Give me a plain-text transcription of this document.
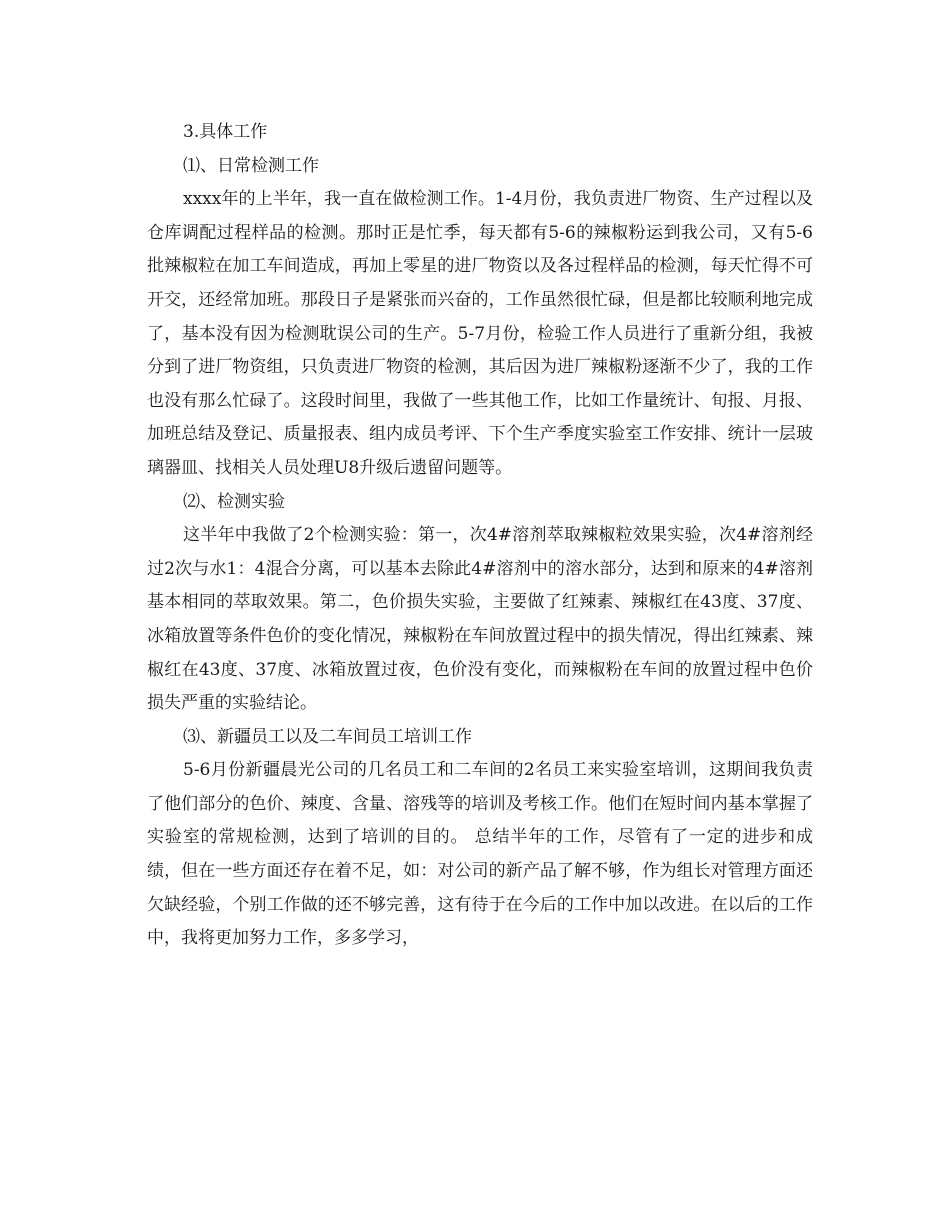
3.具体工作

⑴、日常检测工作

xxxx年的上半年，我一直在做检测工作。1-4月份，我负责进厂物资、生产过程以及仓库调配过程样品的检测。那时正是忙季，每天都有5-6的辣椒粉运到我公司，又有5-6批辣椒粒在加工车间造成，再加上零星的进厂物资以及各过程样品的检测，每天忙得不可开交，还经常加班。那段日子是紧张而兴奋的，工作虽然很忙碌，但是都比较顺利地完成了，基本没有因为检测耽误公司的生产。5-7月份，检验工作人员进行了重新分组，我被分到了进厂物资组，只负责进厂物资的检测，其后因为进厂辣椒粉逐渐不少了，我的工作也没有那么忙碌了。这段时间里，我做了一些其他工作，比如工作量统计、旬报、月报、加班总结及登记、质量报表、组内成员考评、下个生产季度实验室工作安排、统计一层玻璃器皿、找相关人员处理U8升级后遗留问题等。

⑵、检测实验

这半年中我做了2个检测实验：第一，次4#溶剂萃取辣椒粒效果实验，次4#溶剂经过2次与水1：4混合分离，可以基本去除此4#溶剂中的溶水部分，达到和原来的4#溶剂基本相同的萃取效果。第二，色价损失实验，主要做了红辣素、辣椒红在43度、37度、冰箱放置等条件色价的变化情况，辣椒粉在车间放置过程中的损失情况，得出红辣素、辣椒红在43度、37度、冰箱放置过夜，色价没有变化，而辣椒粉在车间的放置过程中色价损失严重的实验结论。

⑶、新疆员工以及二车间员工培训工作

5-6月份新疆晨光公司的几名员工和二车间的2名员工来实验室培训，这期间我负责了他们部分的色价、辣度、含量、溶残等的培训及考核工作。他们在短时间内基本掌握了实验室的常规检测，达到了培训的目的。 总结半年的工作，尽管有了一定的进步和成绩，但在一些方面还存在着不足，如：对公司的新产品了解不够，作为组长对管理方面还欠缺经验，个别工作做的还不够完善，这有待于在今后的工作中加以改进。在以后的工作中，我将更加努力工作，多多学习，
